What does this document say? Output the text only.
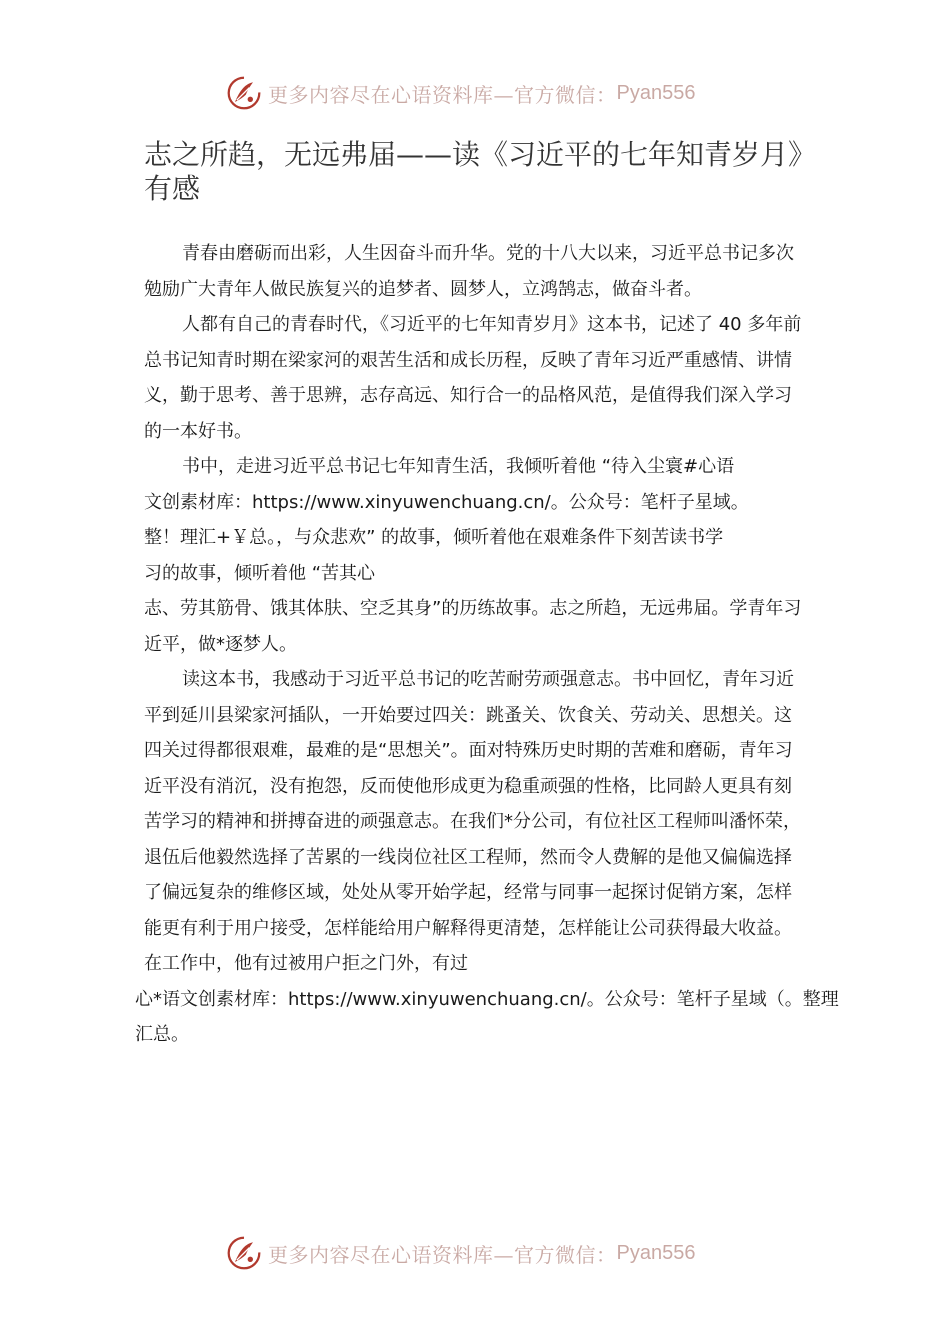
更多内容尽在心语资料库—官方微信： Pyan556
志之所趋，无远弗届——读《习近平的七年知青岁月》有感

青春由磨砺而出彩，人生因奋斗而升华。党的十八大以来，习近平总书记多次勉励广大青年人做民族复兴的追梦者、圆梦人，立鸿鹄志，做奋斗者。

人都有自己的青春时代，《习近平的七年知青岁月》这本书，记述了 40 多年前总书记知青时期在梁家河的艰苦生活和成长历程，反映了青年习近严重感情、讲情义，勤于思考、善于思辨，志存高远、知行合一的品格风范，是值得我们深入学习的一本好书。

书中，走进习近平总书记七年知青生活，我倾听着他 “待入尘寰#心语
文创素材库：https://www.xinyuwenchuang.cn/。公众号：笔杆子星域。
整！理汇+￥总。，与众悲欢” 的故事，倾听着他在艰难条件下刻苦读书学
习的故事，倾听着他 “苦其心
志、劳其筋骨、饿其体肤、空乏其身”的历练故事。志之所趋，无远弗届。学青年习近平，做*逐梦人。

读这本书，我感动于习近平总书记的吃苦耐劳顽强意志。书中回忆，青年习近平到延川县梁家河插队，一开始要过四关：跳蚤关、饮食关、劳动关、思想关。这四关过得都很艰难，最难的是“思想关”。面对特殊历史时期的苦难和磨砺，青年习近平没有消沉，没有抱怨，反而使他形成更为稳重顽强的性格，比同龄人更具有刻苦学习的精神和拼搏奋进的顽强意志。在我们*分公司，有位社区工程师叫潘怀荣，退伍后他毅然选择了苦累的一线岗位社区工程师，然而令人费解的是他又偏偏选择了偏远复杂的维修区域，处处从零开始学起，经常与同事一起探讨促销方案，怎样能更有利于用户接受，怎样能给用户解释得更清楚，怎样能让公司获得最大收益。在工作中，他有过被用户拒之门外，有过

心*语文创素材库：https://www.xinyuwenchuang.cn/。公众号：笔杆子星域（。整理
汇总。
更多内容尽在心语资料库—官方微信： Pyan556
